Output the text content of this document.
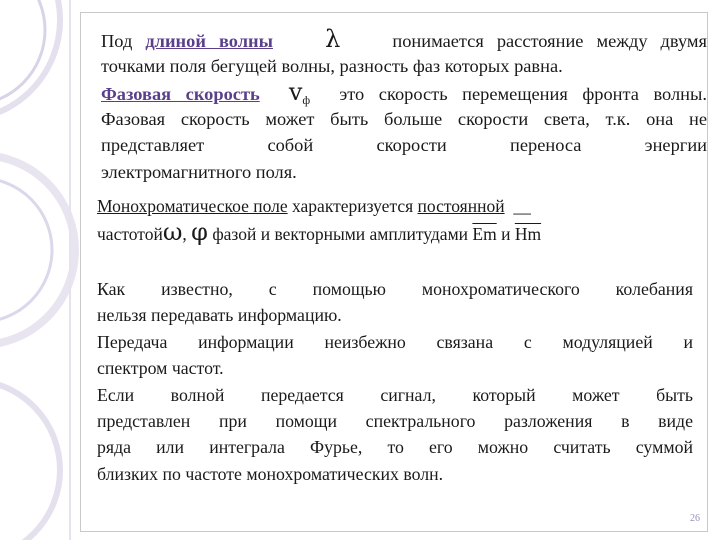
Под длиной волны λ	понимается расстояние между двумя
точками поля бегущей волны, разность фаз которых равна.
Фазовая скорость $v_ф$ это скорость перемещения фронта волны.
Фазовая скорость может быть больше скорости света, т.к. она не
представляет собой скорости переноса энергии
электромагнитного поля.
Монохроматическое поле характеризуется постоянной  __
частотойω, φ фазой и векторными амплитудами $\overline{Em}$ и $\overline{Hm}$
Как известно, с помощью монохроматического колебания
нельзя передавать информацию.
Передача информации неизбежно связана с модуляцией и
спектром частот.
Если волной передается сигнал, который может быть
представлен при помощи спектрального разложения в виде
ряда или интеграла Фурье, то его можно считать суммой
близких по частоте монохроматических волн.
26
